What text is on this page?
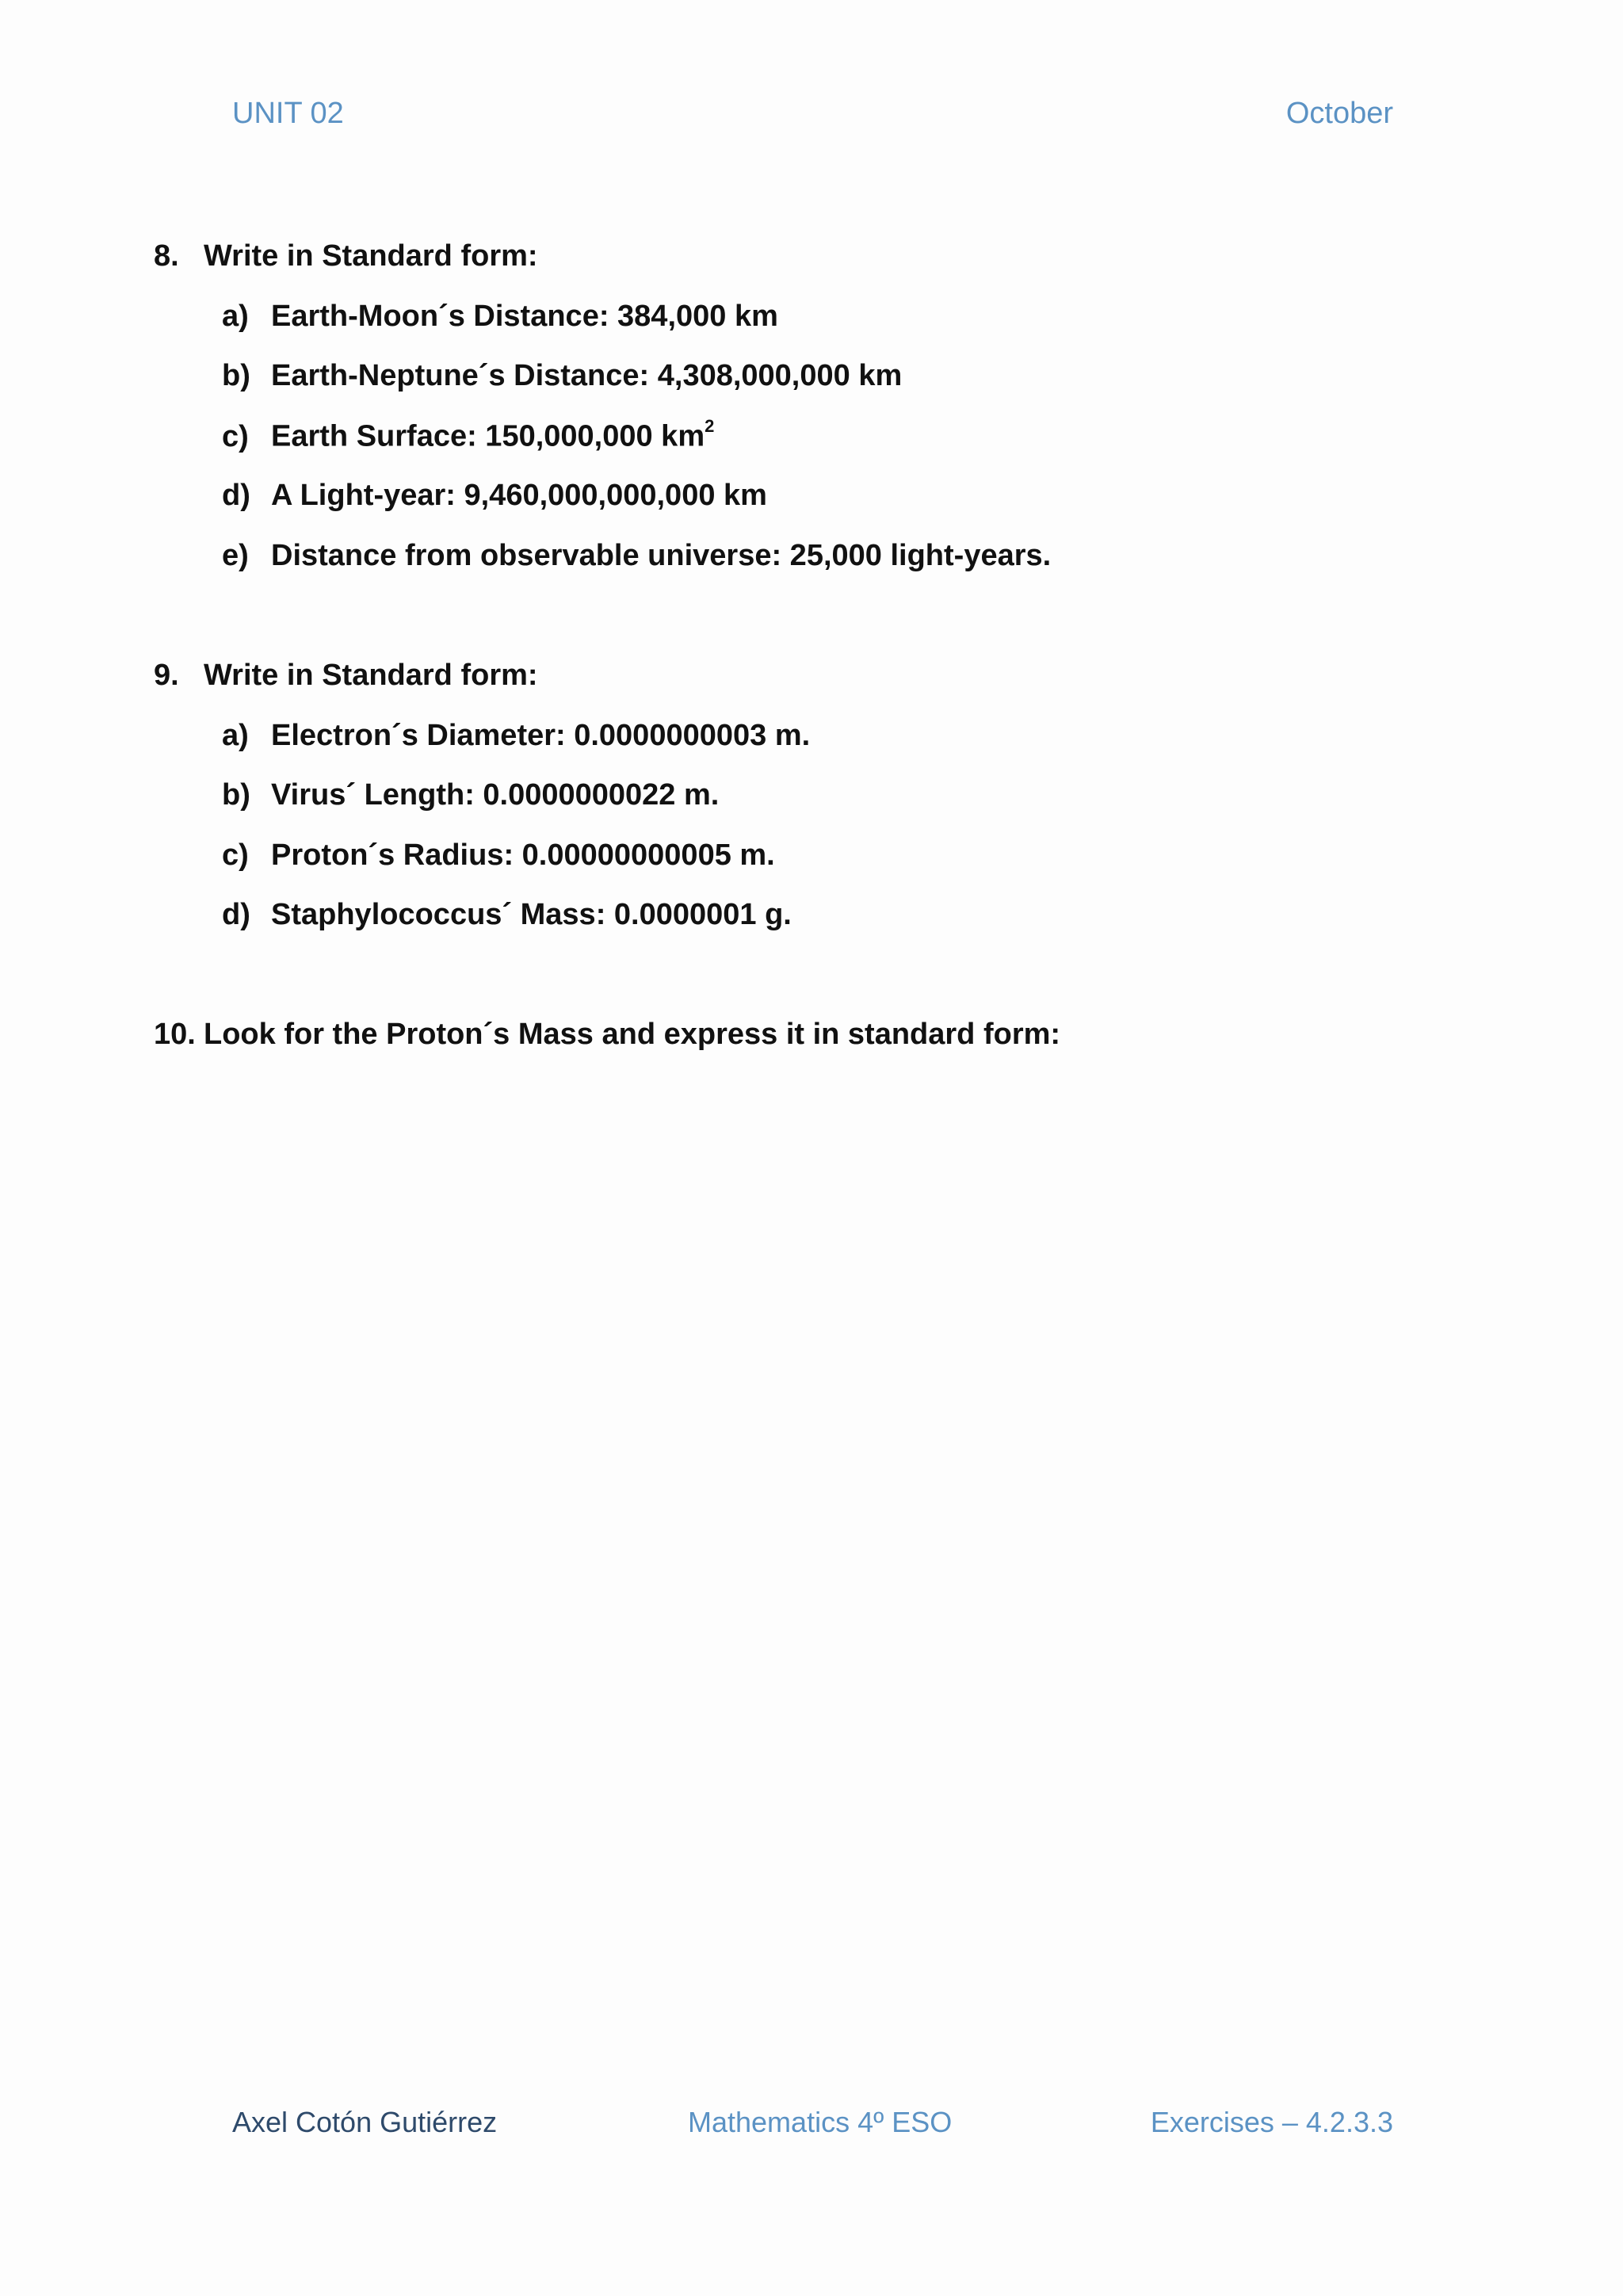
UNIT 02	October
8. Write in Standard form:
a) Earth-Moon´s Distance: 384,000 km
b) Earth-Neptune´s Distance: 4,308,000,000 km
c) Earth Surface: 150,000,000 $km^2$
d) A Light-year: 9,460,000,000,000 km
e) Distance from observable universe: 25,000 light-years.
9. Write in Standard form:
a) Electron´s Diameter: 0.0000000003 m.
b) Virus´ Length: 0.0000000022 m.
c) Proton´s Radius: 0.00000000005 m.
d) Staphylococcus´ Mass: 0.0000001 g.
10. Look for the Proton´s Mass and express it in standard form:
Axel Cotón Gutiérrez	Mathematics 4º ESO	Exercises – 4.2.3.3
